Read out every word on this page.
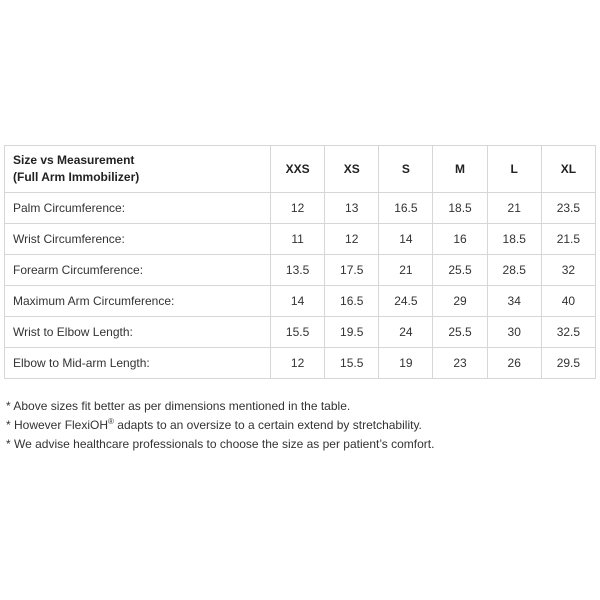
Size vs Measurement
(Full Arm Immobilizer)	XXS	XS	S	M	L	XL
Palm Circumference:	12	13	16.5	18.5	21	23.5
Wrist Circumference:	11	12	14	16	18.5	21.5
Forearm Circumference:	13.5	17.5	21	25.5	28.5	32
Maximum Arm Circumference:	14	16.5	24.5	29	34	40
Wrist to Elbow Length:	15.5	19.5	24	25.5	30	32.5
Elbow to Mid-arm Length:	12	15.5	19	23	26	29.5
* Above sizes fit better as per dimensions mentioned in the table.
* However FlexiOH® adapts to an oversize to a certain extend by stretchability.
* We advise healthcare professionals to choose the size as per patient’s comfort.
